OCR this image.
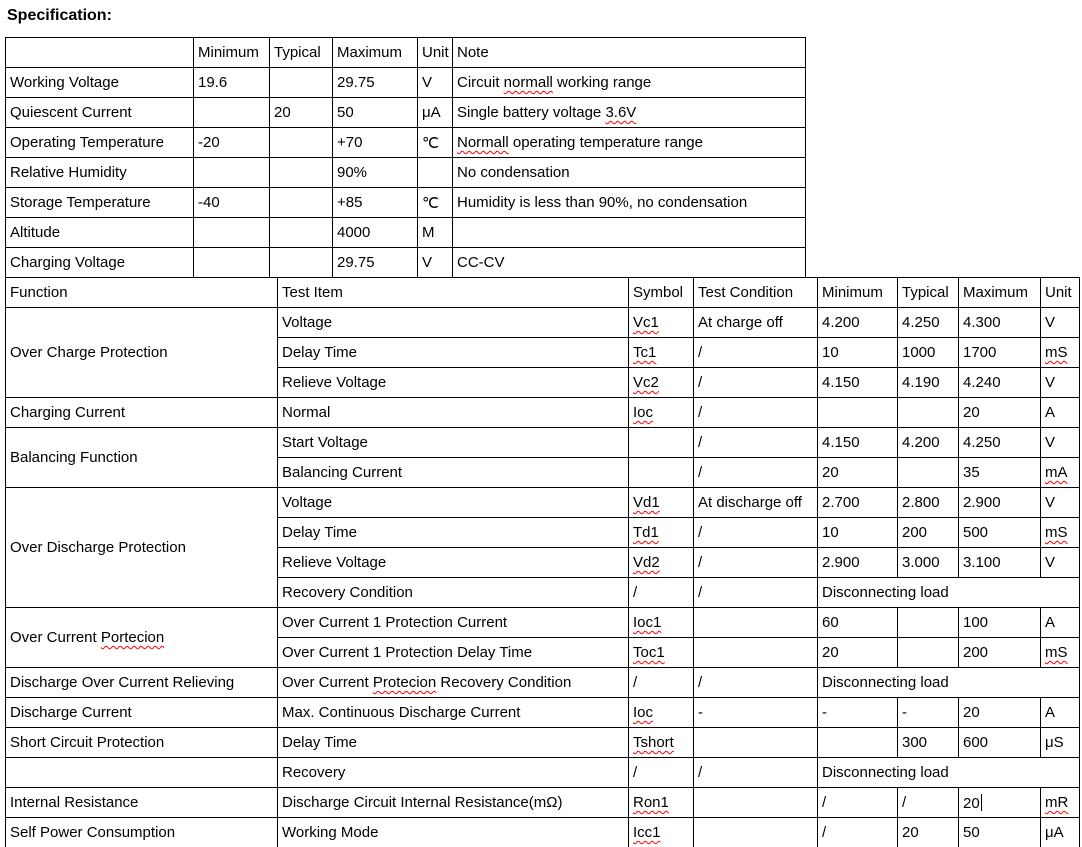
Specification:
	Minimum	Typical	Maximum	Unit	Note
Working Voltage	19.6		29.75	V	Circuit normall working range
Quiescent Current		20	50	μA	Single battery voltage 3.6V
Operating Temperature	-20		+70	℃	Normall operating temperature range
Relative Humidity			90%		No condensation
Storage Temperature	-40		+85	℃	Humidity is less than 90%, no condensation
Altitude			4000	M	
Charging Voltage			29.75	V	CC-CV
Function	Test Item	Symbol	Test Condition	Minimum	Typical	Maximum	Unit
Over Charge Protection	Voltage	Vc1	At charge off	4.200	4.250	4.300	V
	Delay Time	Tc1	/	10	1000	1700	mS
	Relieve Voltage	Vc2	/	4.150	4.190	4.240	V
Charging Current	Normal	Ioc	/			20	A
Balancing Function	Start Voltage		/	4.150	4.200	4.250	V
	Balancing Current		/	20		35	mA
Over Discharge Protection	Voltage	Vd1	At discharge off	2.700	2.800	2.900	V
	Delay Time	Td1	/	10	200	500	mS
	Relieve Voltage	Vd2	/	2.900	3.000	3.100	V
	Recovery Condition	/	/	Disconnecting load			
Over Current Portecion	Over Current 1 Protection Current	Ioc1		60		100	A
	Over Current 1 Protection Delay Time	Toc1		20		200	mS
Discharge Over Current Relieving	Over Current Protecion Recovery Condition	/	/	Disconnecting load			
Discharge Current	Max. Continuous Discharge Current	Ioc	-	-	-	20	A
Short Circuit Protection	Delay Time	Tshort			300	600	μS
	Recovery	/	/	Disconnecting load			
Internal Resistance	Discharge Circuit Internal Resistance(mΩ)	Ron1		/	/	20	mR
Self Power Consumption	Working Mode	Icc1		/	20	50	μA
